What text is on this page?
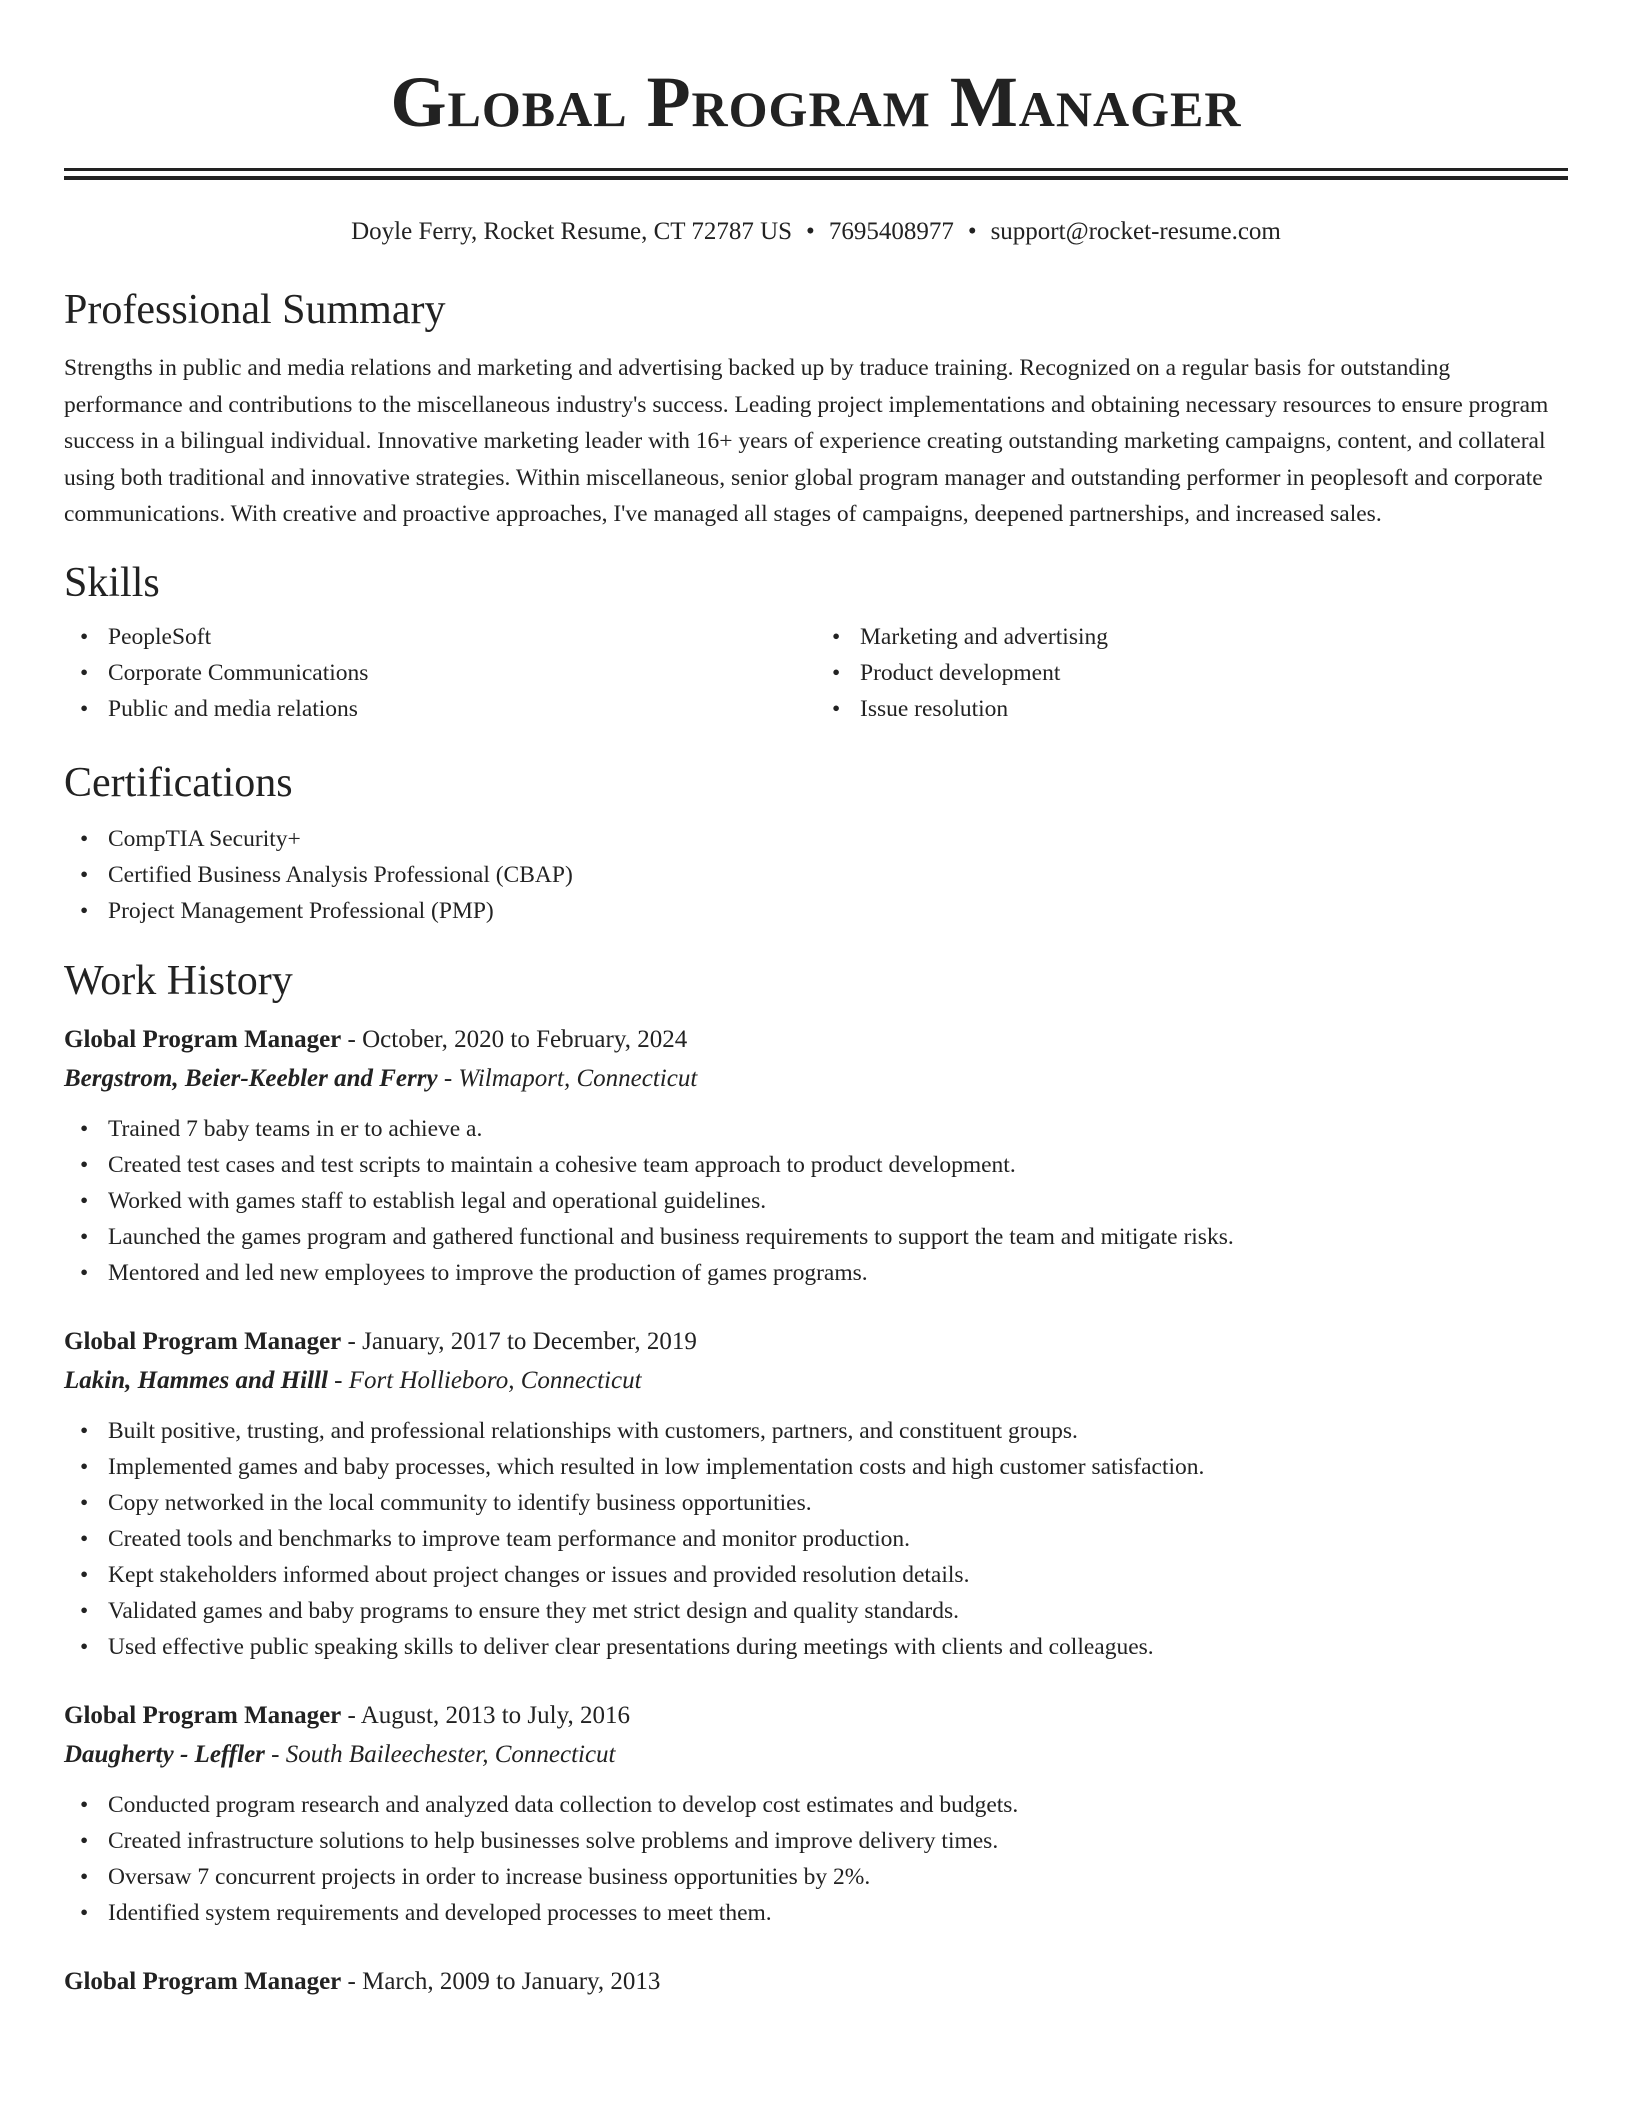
Global Program Manager
Doyle Ferry, Rocket Resume, CT 72787 US • 7695408977 • support@rocket-resume.com
Professional Summary

Strengths in public and media relations and marketing and advertising backed up by traduce training. Recognized on a regular basis for outstanding performance and contributions to the miscellaneous industry's success. Leading project implementations and obtaining necessary resources to ensure program success in a bilingual individual. Innovative marketing leader with 16+ years of experience creating outstanding marketing campaigns, content, and collateral using both traditional and innovative strategies. Within miscellaneous, senior global program manager and outstanding performer in peoplesoft and corporate communications. With creative and proactive approaches, I've managed all stages of campaigns, deepened partnerships, and increased sales.

Skills
• PeopleSoft
• Corporate Communications
• Public and media relations
• Marketing and advertising
• Product development
• Issue resolution
Certifications
• CompTIA Security+
• Certified Business Analysis Professional (CBAP)
• Project Management Professional (PMP)
Work History
Global Program Manager - October, 2020 to February, 2024
Bergstrom, Beier-Keebler and Ferry - Wilmaport, Connecticut
• Trained 7 baby teams in er to achieve a.
• Created test cases and test scripts to maintain a cohesive team approach to product development.
• Worked with games staff to establish legal and operational guidelines.
• Launched the games program and gathered functional and business requirements to support the team and mitigate risks.
• Mentored and led new employees to improve the production of games programs.
Global Program Manager - January, 2017 to December, 2019
Lakin, Hammes and Hilll - Fort Hollieboro, Connecticut
• Built positive, trusting, and professional relationships with customers, partners, and constituent groups.
• Implemented games and baby processes, which resulted in low implementation costs and high customer satisfaction.
• Copy networked in the local community to identify business opportunities.
• Created tools and benchmarks to improve team performance and monitor production.
• Kept stakeholders informed about project changes or issues and provided resolution details.
• Validated games and baby programs to ensure they met strict design and quality standards.
• Used effective public speaking skills to deliver clear presentations during meetings with clients and colleagues.
Global Program Manager - August, 2013 to July, 2016
Daugherty - Leffler - South Baileechester, Connecticut
• Conducted program research and analyzed data collection to develop cost estimates and budgets.
• Created infrastructure solutions to help businesses solve problems and improve delivery times.
• Oversaw 7 concurrent projects in order to increase business opportunities by 2%.
• Identified system requirements and developed processes to meet them.
Global Program Manager - March, 2009 to January, 2013
